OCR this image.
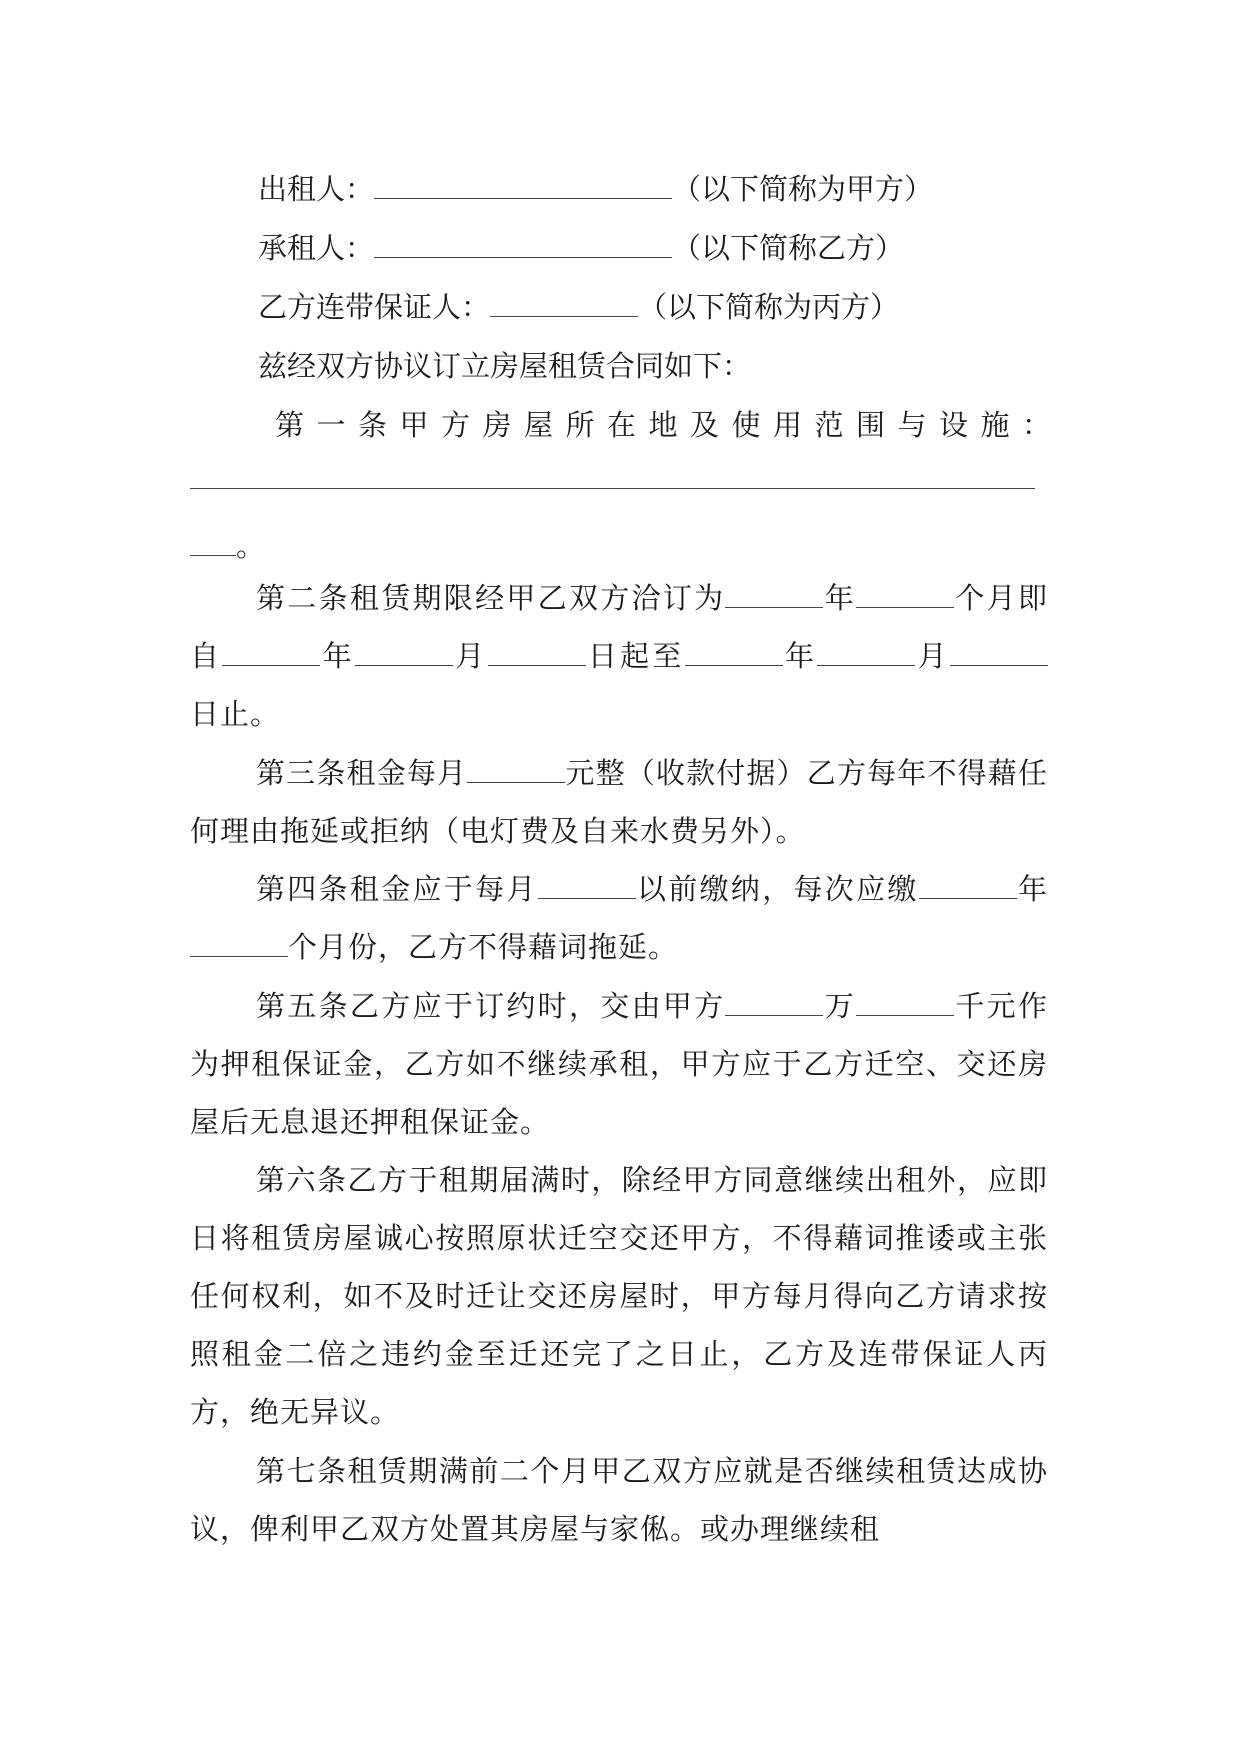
出租人：	（以下简称为甲方）
承租人：	（以下简称乙方）
乙方连带保证人：	（以下简称为丙方）
兹经双方协议订立房屋租赁合同如下：
第一条甲方房屋所在地及使用范围与设施：
。
第二条租赁期限经甲乙双方洽订为	年	个月即自	年	月	日起至	年	月日止。
第三条租金每月	元整（收款付据）乙方每年不得藉任何理由拖延或拒纳（电灯费及自来水费另外）。
第四条租金应于每月	以前缴纳，每次应缴	年个月份，乙方不得藉词拖延。
第五条乙方应于订约时，交由甲方	万	千元作为押租保证金，乙方如不继续承租，甲方应于乙方迁空、交还房屋后无息退还押租保证金。
第六条乙方于租期届满时，除经甲方同意继续出租外，应即日将租赁房屋诚心按照原状迁空交还甲方，不得藉词推诿或主张任何权利，如不及时迁让交还房屋时，甲方每月得向乙方请求按照租金二倍之违约金至迁还完了之日止，乙方及连带保证人丙方，绝无异议。
第七条租赁期满前二个月甲乙双方应就是否继续租赁达成协议，俾利甲乙双方处置其房屋与家俬。或办理继续租
